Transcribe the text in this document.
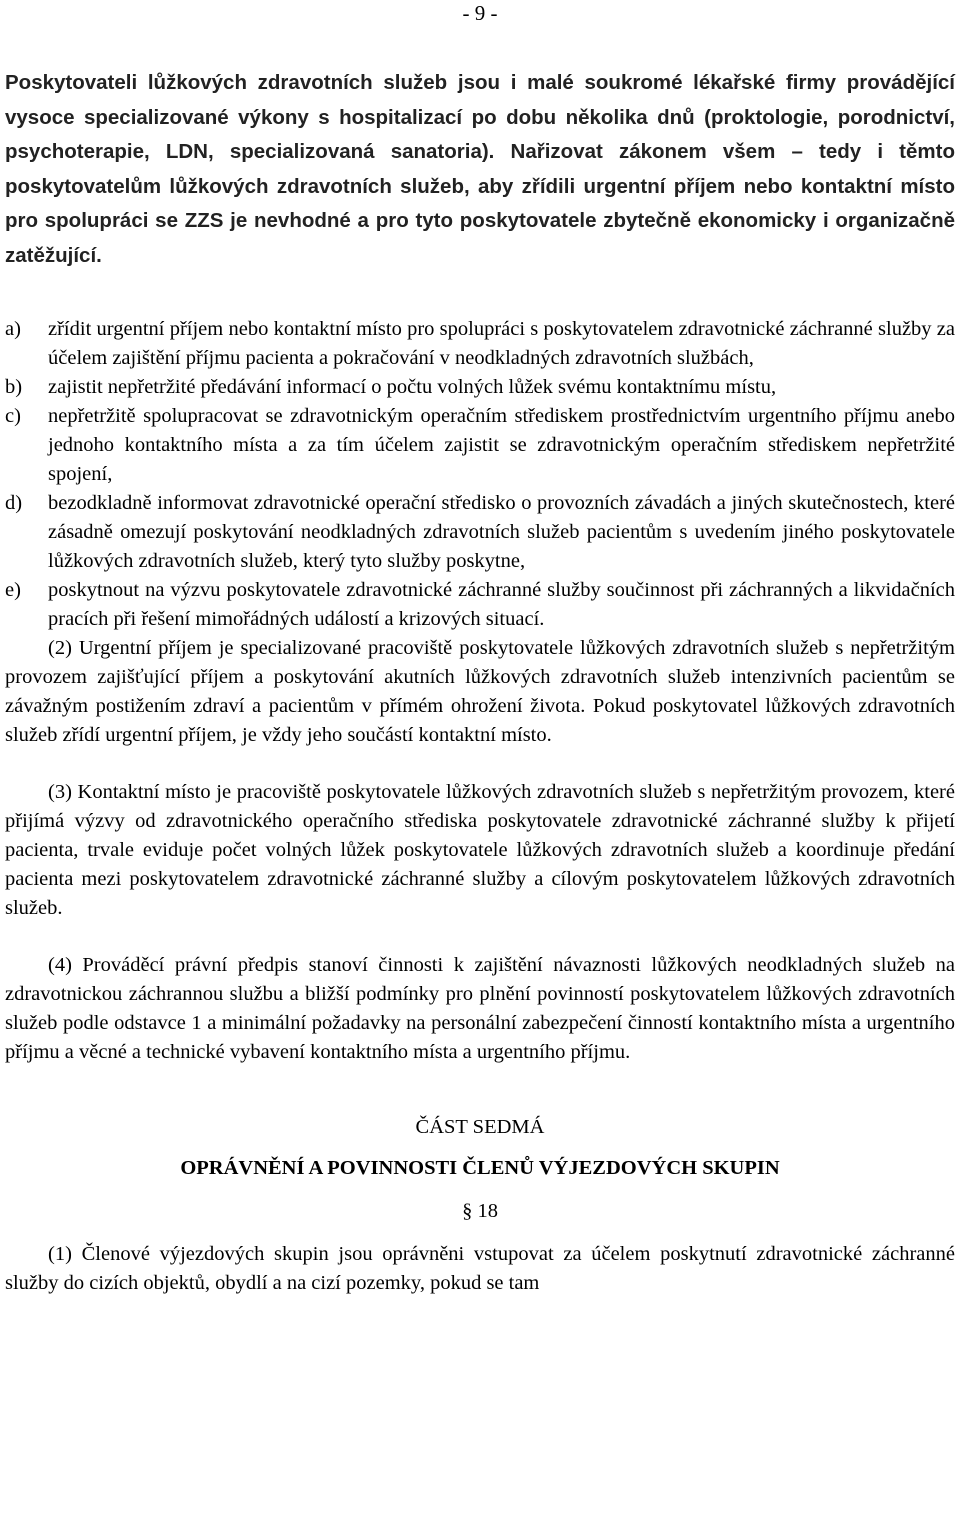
- 9 -

Poskytovateli lůžkových zdravotních služeb jsou i malé soukromé lékařské firmy provádějící vysoce specializované výkony s hospitalizací po dobu několika dnů (proktologie, porodnictví, psychoterapie, LDN, specializovaná sanatoria). Nařizovat zákonem všem – tedy i těmto poskytovatelům lůžkových zdravotních služeb, aby zřídili urgentní příjem nebo kontaktní místo pro spolupráci se ZZS je nevhodné a pro tyto poskytovatele zbytečně ekonomicky i organizačně zatěžující.

a)	zřídit urgentní příjem nebo kontaktní místo pro spolupráci s poskytovatelem zdravotnické záchranné služby za účelem zajištění příjmu pacienta a pokračování v neodkladných zdravotních službách,
b)	zajistit nepřetržité předávání informací o počtu volných lůžek svému kontaktnímu místu,
c)	nepřetržitě spolupracovat se zdravotnickým operačním střediskem prostřednictvím urgentního příjmu anebo jednoho kontaktního místa a za tím účelem zajistit se zdravotnickým operačním střediskem nepřetržité spojení,
d)	bezodkladně informovat zdravotnické operační středisko o provozních závadách a jiných skutečnostech, které zásadně omezují poskytování neodkladných zdravotních služeb pacientům s uvedením jiného poskytovatele lůžkových zdravotních služeb, který tyto služby poskytne,
e)	poskytnout na výzvu poskytovatele zdravotnické záchranné služby součinnost při záchranných a likvidačních pracích při řešení mimořádných událostí a krizových situací.

(2) Urgentní příjem je specializované pracoviště poskytovatele lůžkových zdravotních služeb s nepřetržitým provozem zajišťující příjem a poskytování akutních lůžkových zdravotních služeb intenzivních pacientům se závažným postižením zdraví a pacientům v přímém ohrožení života. Pokud poskytovatel lůžkových zdravotních služeb zřídí urgentní příjem, je vždy jeho součástí kontaktní místo.

(3) Kontaktní místo je pracoviště poskytovatele lůžkových zdravotních služeb s nepřetržitým provozem, které přijímá výzvy od zdravotnického operačního střediska poskytovatele zdravotnické záchranné služby k přijetí pacienta, trvale eviduje počet volných lůžek poskytovatele lůžkových zdravotních služeb a koordinuje předání pacienta mezi poskytovatelem zdravotnické záchranné služby a cílovým poskytovatelem lůžkových zdravotních služeb.

(4) Prováděcí právní předpis stanoví činnosti k zajištění návaznosti lůžkových neodkladných služeb na zdravotnickou záchrannou službu a bližší podmínky pro plnění povinností poskytovatelem lůžkových zdravotních služeb podle odstavce 1 a minimální požadavky na personální zabezpečení činností kontaktního místa a urgentního příjmu a věcné a technické vybavení kontaktního místa a urgentního příjmu.

ČÁST SEDMÁ
OPRÁVNĚNÍ A POVINNOSTI ČLENŮ VÝJEZDOVÝCH SKUPIN
§ 18

(1) Členové výjezdových skupin jsou oprávněni vstupovat za účelem poskytnutí zdravotnické záchranné služby do cizích objektů, obydlí a na cizí pozemky, pokud se tam
